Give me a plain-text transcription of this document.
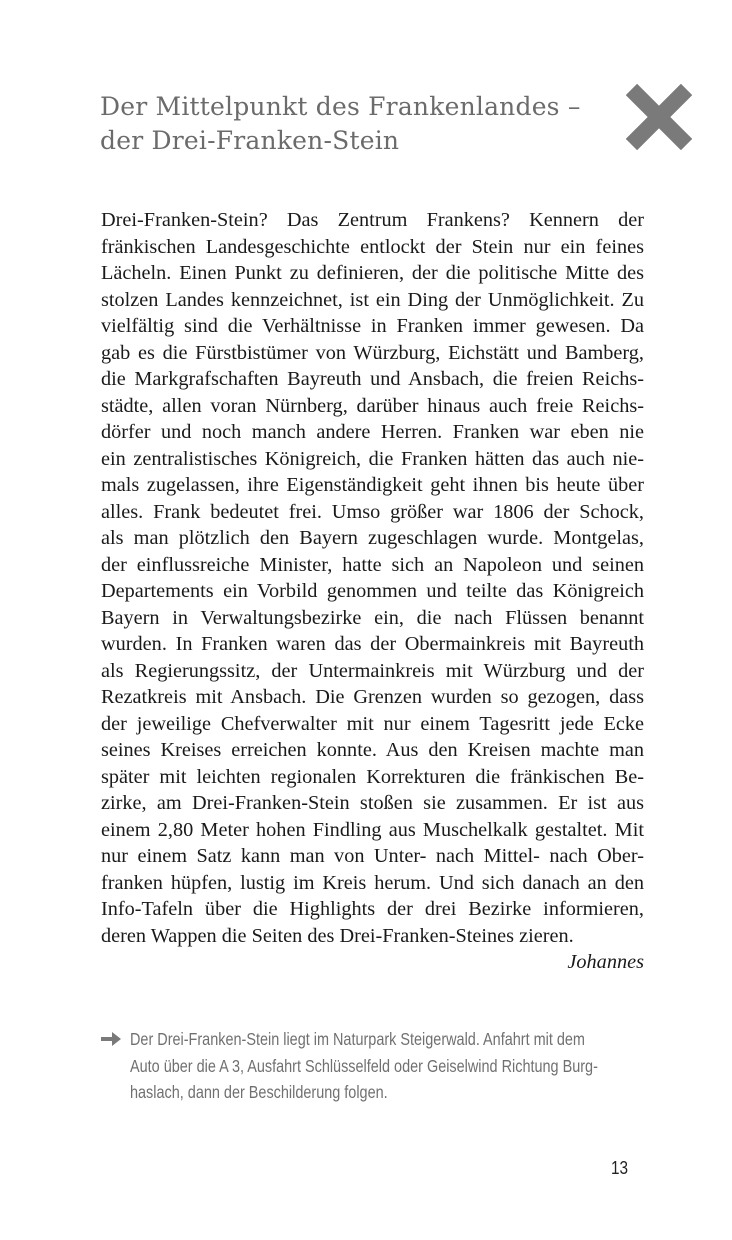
Der Mittelpunkt des Frankenlandes –
der Drei-Franken-Stein
Drei-Franken-Stein? Das Zentrum Frankens? Kennern der
fränkischen Landesgeschichte entlockt der Stein nur ein feines
Lächeln. Einen Punkt zu definieren, der die politische Mitte des
stolzen Landes kennzeichnet, ist ein Ding der Unmöglichkeit. Zu
vielfältig sind die Verhältnisse in Franken immer gewesen. Da
gab es die Fürstbistümer von Würzburg, Eichstätt und Bamberg,
die Markgrafschaften Bayreuth und Ansbach, die freien Reichs-
städte, allen voran Nürnberg, darüber hinaus auch freie Reichs-
dörfer und noch manch andere Herren. Franken war eben nie
ein zentralistisches Königreich, die Franken hätten das auch nie-
mals zugelassen, ihre Eigenständigkeit geht ihnen bis heute über
alles. Frank bedeutet frei. Umso größer war 1806 der Schock,
als man plötzlich den Bayern zugeschlagen wurde. Montgelas,
der einflussreiche Minister, hatte sich an Napoleon und seinen
Departements ein Vorbild genommen und teilte das Königreich
Bayern in Verwaltungsbezirke ein, die nach Flüssen benannt
wurden. In Franken waren das der Obermainkreis mit Bayreuth
als Regierungssitz, der Untermainkreis mit Würzburg und der
Rezatkreis mit Ansbach. Die Grenzen wurden so gezogen, dass
der jeweilige Chefverwalter mit nur einem Tagesritt jede Ecke
seines Kreises erreichen konnte. Aus den Kreisen machte man
später mit leichten regionalen Korrekturen die fränkischen Be-
zirke, am Drei-Franken-Stein stoßen sie zusammen. Er ist aus
einem 2,80 Meter hohen Findling aus Muschelkalk gestaltet. Mit
nur einem Satz kann man von Unter- nach Mittel- nach Ober-
franken hüpfen, lustig im Kreis herum. Und sich danach an den
Info-Tafeln über die Highlights der drei Bezirke informieren,
deren Wappen die Seiten des Drei-Franken-Steines zieren.
Johannes
Der Drei-Franken-Stein liegt im Naturpark Steigerwald. Anfahrt mit dem
Auto über die A 3, Ausfahrt Schlüsselfeld oder Geiselwind Richtung Burg-
haslach, dann der Beschilderung folgen.
13
